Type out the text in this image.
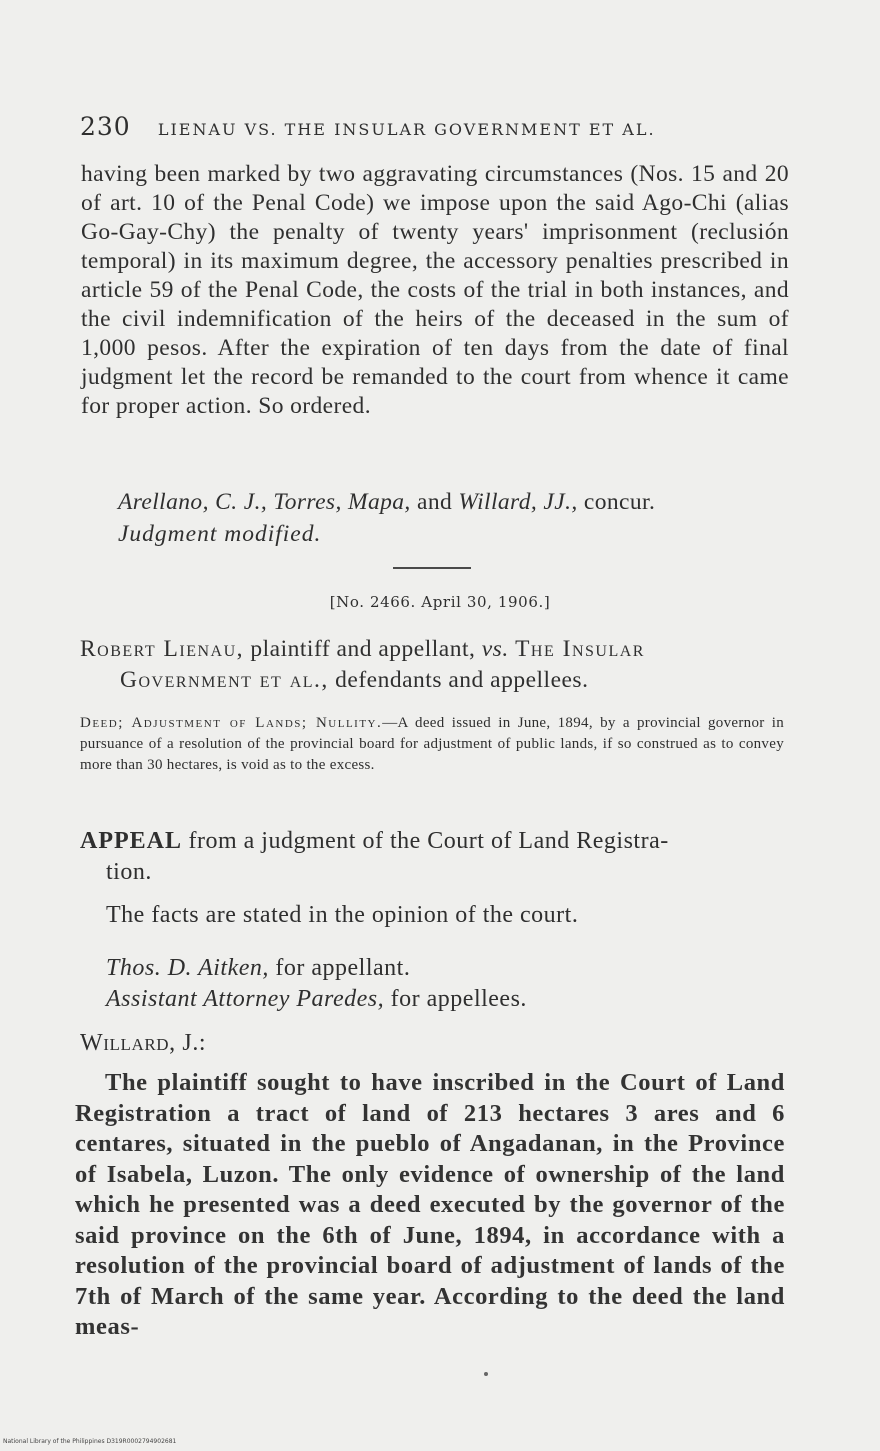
230 LIENAU VS. THE INSULAR GOVERNMENT ET AL.
having been marked by two aggravating circumstances (Nos. 15 and 20 of art. 10 of the Penal Code) we impose upon the said Ago-Chi (alias Go-Gay-Chy) the penalty of twenty years' imprisonment (reclusión temporal) in its maximum degree, the accessory penalties prescribed in article 59 of the Penal Code, the costs of the trial in both instances, and the civil indemnification of the heirs of the deceased in the sum of 1,000 pesos. After the expiration of ten days from the date of final judgment let the record be remanded to the court from whence it came for proper action. So ordered.
Arellano, C. J., Torres, Mapa, and Willard, JJ., concur.
Judgment modified.
[No. 2466. April 30, 1906.]
Robert Lienau, plaintiff and appellant, vs. The Insular
Government et al., defendants and appellees.
Deed; Adjustment of Lands; Nullity.—A deed issued in June, 1894, by a provincial governor in pursuance of a resolution of the provincial board for adjustment of public lands, if so construed as to convey more than 30 hectares, is void as to the excess.
APPEAL from a judgment of the Court of Land Registra-
tion.
The facts are stated in the opinion of the court.
Thos. D. Aitken, for appellant.
Assistant Attorney Paredes, for appellees.
Willard, J.:
The plaintiff sought to have inscribed in the Court of Land Registration a tract of land of 213 hectares 3 ares and 6 centares, situated in the pueblo of Angadanan, in the Province of Isabela, Luzon. The only evidence of ownership of the land which he presented was a deed executed by the governor of the said province on the 6th of June, 1894, in accordance with a resolution of the provincial board of adjustment of lands of the 7th of March of the same year. According to the deed the land meas-
National Library of the Philippines D319R0002794902681
